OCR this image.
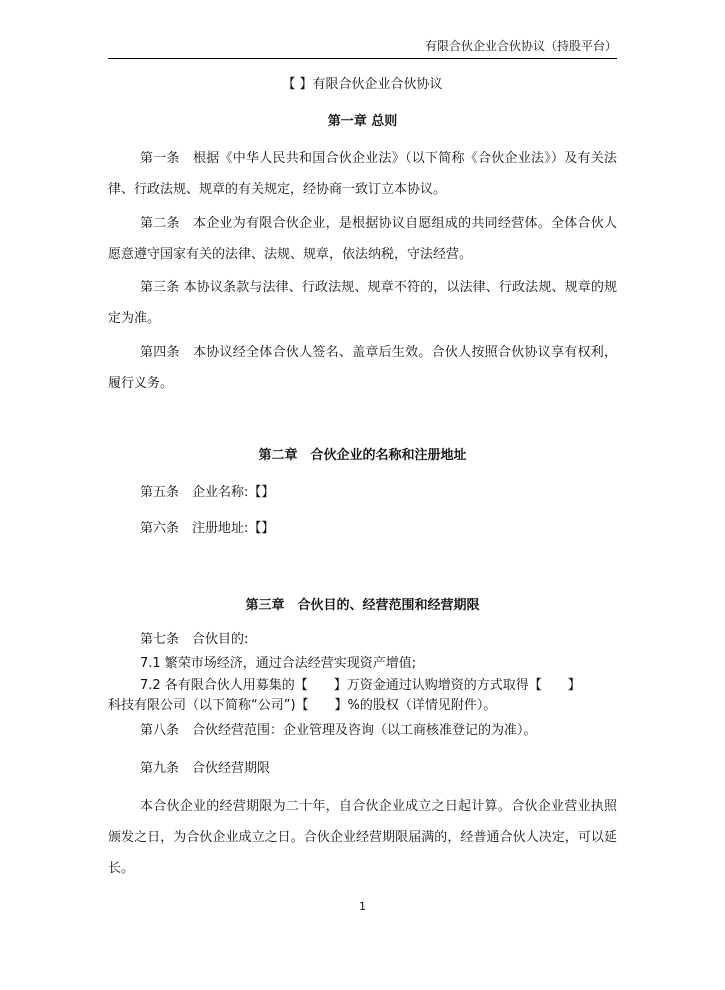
有限合伙企业合伙协议（持股平台）
【 】有限合伙企业合伙协议
第一章 总则
第一条　根据《中华人民共和国合伙企业法》（以下简称《合伙企业法》）及有关法律、行政法规、规章的有关规定，经协商一致订立本协议。
第二条　本企业为有限合伙企业，是根据协议自愿组成的共同经营体。全体合伙人愿意遵守国家有关的法律、法规、规章，依法纳税，守法经营。
第三条 本协议条款与法律、行政法规、规章不符的，以法律、行政法规、规章的规定为准。
第四条　本协议经全体合伙人签名、盖章后生效。合伙人按照合伙协议享有权利，履行义务。
第二章　合伙企业的名称和注册地址
第五条　企业名称:【】
第六条　注册地址:【】
第三章　合伙目的、经营范围和经营期限
第七条　合伙目的:
7.1 繁荣市场经济，通过合法经营实现资产增值;
7.2 各有限合伙人用募集的【　　】万资金通过认购增资的方式取得【　　】
科技有限公司（以下简称“公司”)【　　】%的股权（详情见附件）。
第八条　合伙经营范围：企业管理及咨询（以工商核准登记的为准）。
第九条　合伙经营期限
本合伙企业的经营期限为二十年，自合伙企业成立之日起计算。合伙企业营业执照颁发之日，为合伙企业成立之日。合伙企业经营期限届满的，经普通合伙人决定，可以延长。
1
